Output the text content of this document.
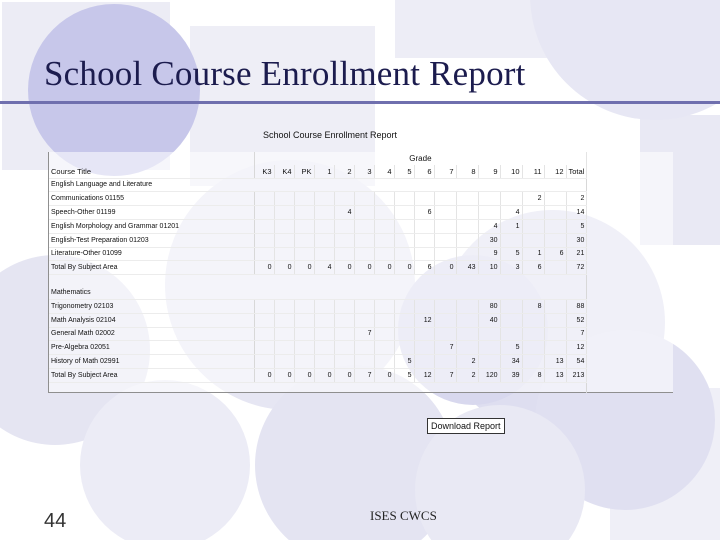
School Course Enrollment Report
School Course Enrollment Report
	Grade															
Course Title	K3	K4	PK	1	2	3	4	5	6	7	8	9	10	11	12	Total
English Language and Literature																
Communications 01155														2		2
Speech-Other 01199					4				6				4			14
English Morphology and Grammar 01201												4	1			5
English-Test Preparation 01203												30				30
Literature-Other 01099												9	5	1	6	21
Total By Subject Area	0	0	0	4	0	0	0	0	6	0	43	10	3	6		72

Mathematics																
Trigonometry 02103												80		8		88
Math Analysis 02104									12			40				52
General Math 02002						7										7
Pre-Algebra 02051										7			5			12
History of Math 02991								5			2		34		13	54
Total By Subject Area	0	0	0	0	0	7	0	5	12	7	2	120	39	8	13	213

Download Report
ISES CWCS
44
